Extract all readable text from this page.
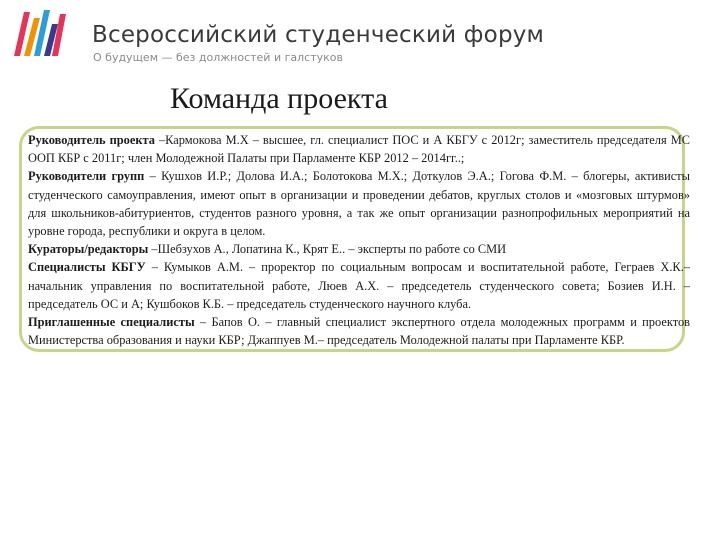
Всероссийский студенческий форум
О будущем — без должностей и галстуков
Команда проекта
Руководитель проекта –Кармокова М.Х – высшее, гл. специалист ПОС и А КБГУ с 2012г; заместитель председателя МС ООП КБР с 2011г; член Молодежной Палаты при Парламенте КБР 2012 – 2014гг..;
Руководители групп – Кушхов И.Р.; Долова И.А.; Болотокова М.Х.; Доткулов Э.А.; Гогова Ф.М. – блогеры, активисты студенческого самоуправления, имеют опыт в организации и проведении дебатов, круглых столов и «мозговых штурмов» для школьников-абитуриентов, студентов разного уровня, а так же опыт организации разнопрофильных мероприятий на уровне города, республики и округа в целом.
Кураторы/редакторы –Шебзухов А., Лопатина К., Крят Е.. – эксперты по работе со СМИ
Специалисты КБГУ – Кумыков А.М. – проректор по социальным вопросам и воспитательной работе, Геграев Х.К.– начальник управления по воспитательной работе, Люев А.Х. – председетель студенческого совета; Бозиев И.Н. – председатель ОС и А; Кушбоков К.Б. – председатель студенческого научного клуба.
Приглашенные специалисты – Бапов О. – главный специалист экспертного отдела молодежных программ и проектов Министерства образования и науки КБР; Джаппуев М.– председатель Молодежной палаты при Парламенте КБР.
